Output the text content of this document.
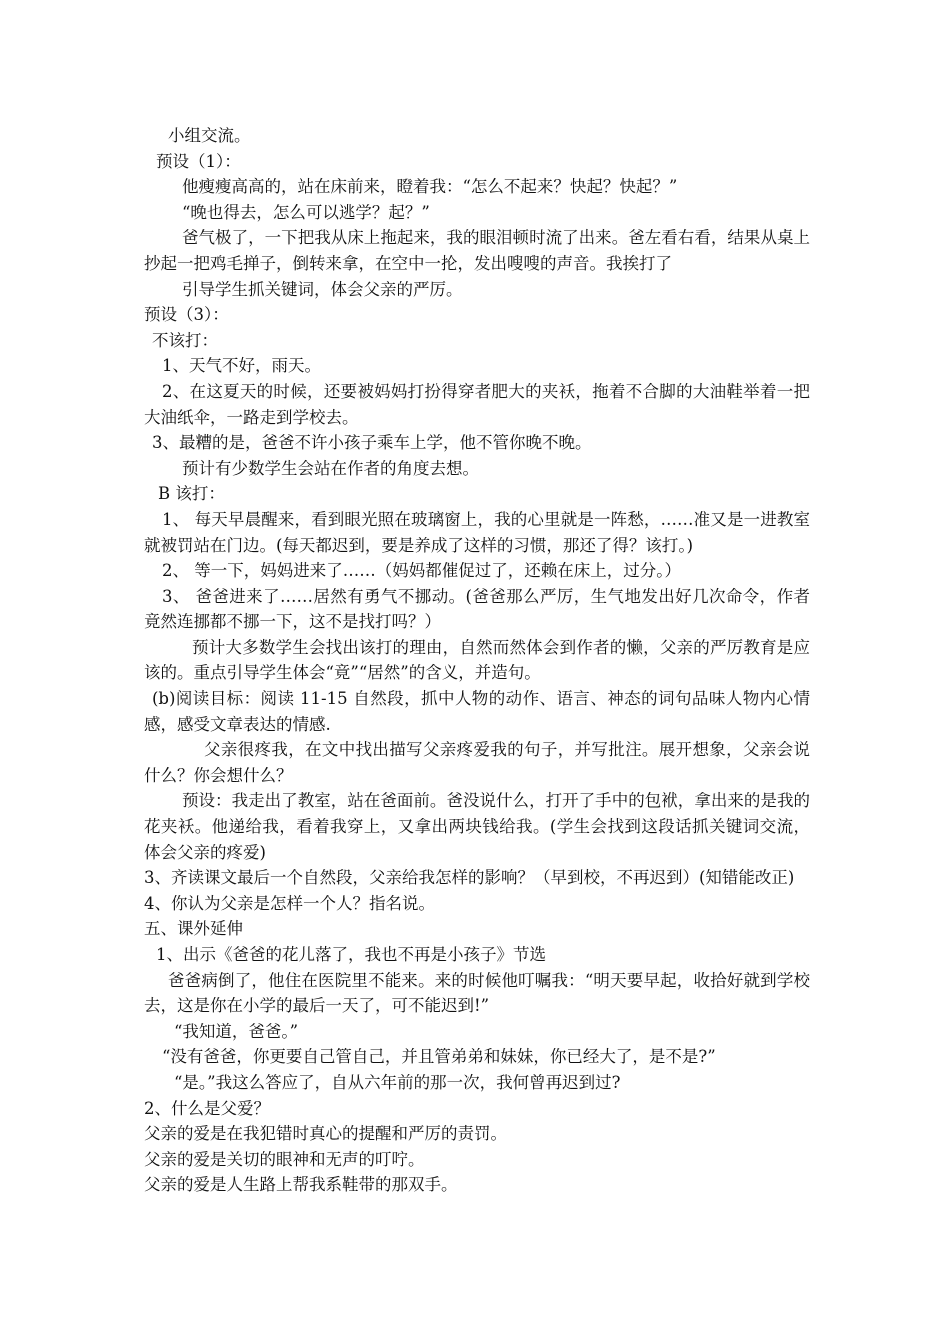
小组交流。

预设（1）：

他瘦瘦高高的，站在床前来，瞪着我：“怎么不起来？快起？快起？”

“晚也得去，怎么可以逃学？起？”

爸气极了，一下把我从床上拖起来，我的眼泪顿时流了出来。爸左看右看，结果从桌上抄起一把鸡毛掸子，倒转来拿，在空中一抡，发出嗖嗖的声音。我挨打了

引导学生抓关键词，体会父亲的严厉。

预设（3）：

不该打：

1、天气不好，雨天。

2、在这夏天的时候，还要被妈妈打扮得穿者肥大的夹袄，拖着不合脚的大油鞋举着一把大油纸伞，一路走到学校去。

3、最糟的是，爸爸不许小孩子乘车上学，他不管你晚不晚。

预计有少数学生会站在作者的角度去想。

B 该打：

1、 每天早晨醒来，看到眼光照在玻璃窗上，我的心里就是一阵愁，……准又是一进教室就被罚站在门边。(每天都迟到，要是养成了这样的习惯，那还了得？该打。)

2、 等一下，妈妈进来了……（妈妈都催促过了，还赖在床上，过分。）

3、 爸爸进来了……居然有勇气不挪动。(爸爸那么严厉，生气地发出好几次命令，作者竟然连挪都不挪一下，这不是找打吗？）

预计大多数学生会找出该打的理由，自然而然体会到作者的懒，父亲的严厉教育是应该的。重点引导学生体会“竟”“居然”的含义，并造句。

(b)阅读目标：阅读 11-15 自然段，抓中人物的动作、语言、神态的词句品味人物内心情感，感受文章表达的情感.

父亲很疼我，在文中找出描写父亲疼爱我的句子，并写批注。展开想象，父亲会说什么？你会想什么？

预设：我走出了教室，站在爸面前。爸没说什么，打开了手中的包袱，拿出来的是我的花夹袄。他递给我，看着我穿上，又拿出两块钱给我。(学生会找到这段话抓关键词交流，体会父亲的疼爱)

3、齐读课文最后一个自然段，父亲给我怎样的影响？（早到校，不再迟到）(知错能改正)

4、你认为父亲是怎样一个人？指名说。

五、课外延伸

1、出示《爸爸的花儿落了，我也不再是小孩子》节选

爸爸病倒了，他住在医院里不能来。来的时候他叮嘱我：“明天要早起，收拾好就到学校去，这是你在小学的最后一天了，可不能迟到!”

“我知道，爸爸。”

“没有爸爸，你更要自己管自己，并且管弟弟和妹妹，你已经大了，是不是?”

“是。”我这么答应了，自从六年前的那一次，我何曾再迟到过?

2、什么是父爱？

父亲的爱是在我犯错时真心的提醒和严厉的责罚。

父亲的爱是关切的眼神和无声的叮咛。

父亲的爱是人生路上帮我系鞋带的那双手。
